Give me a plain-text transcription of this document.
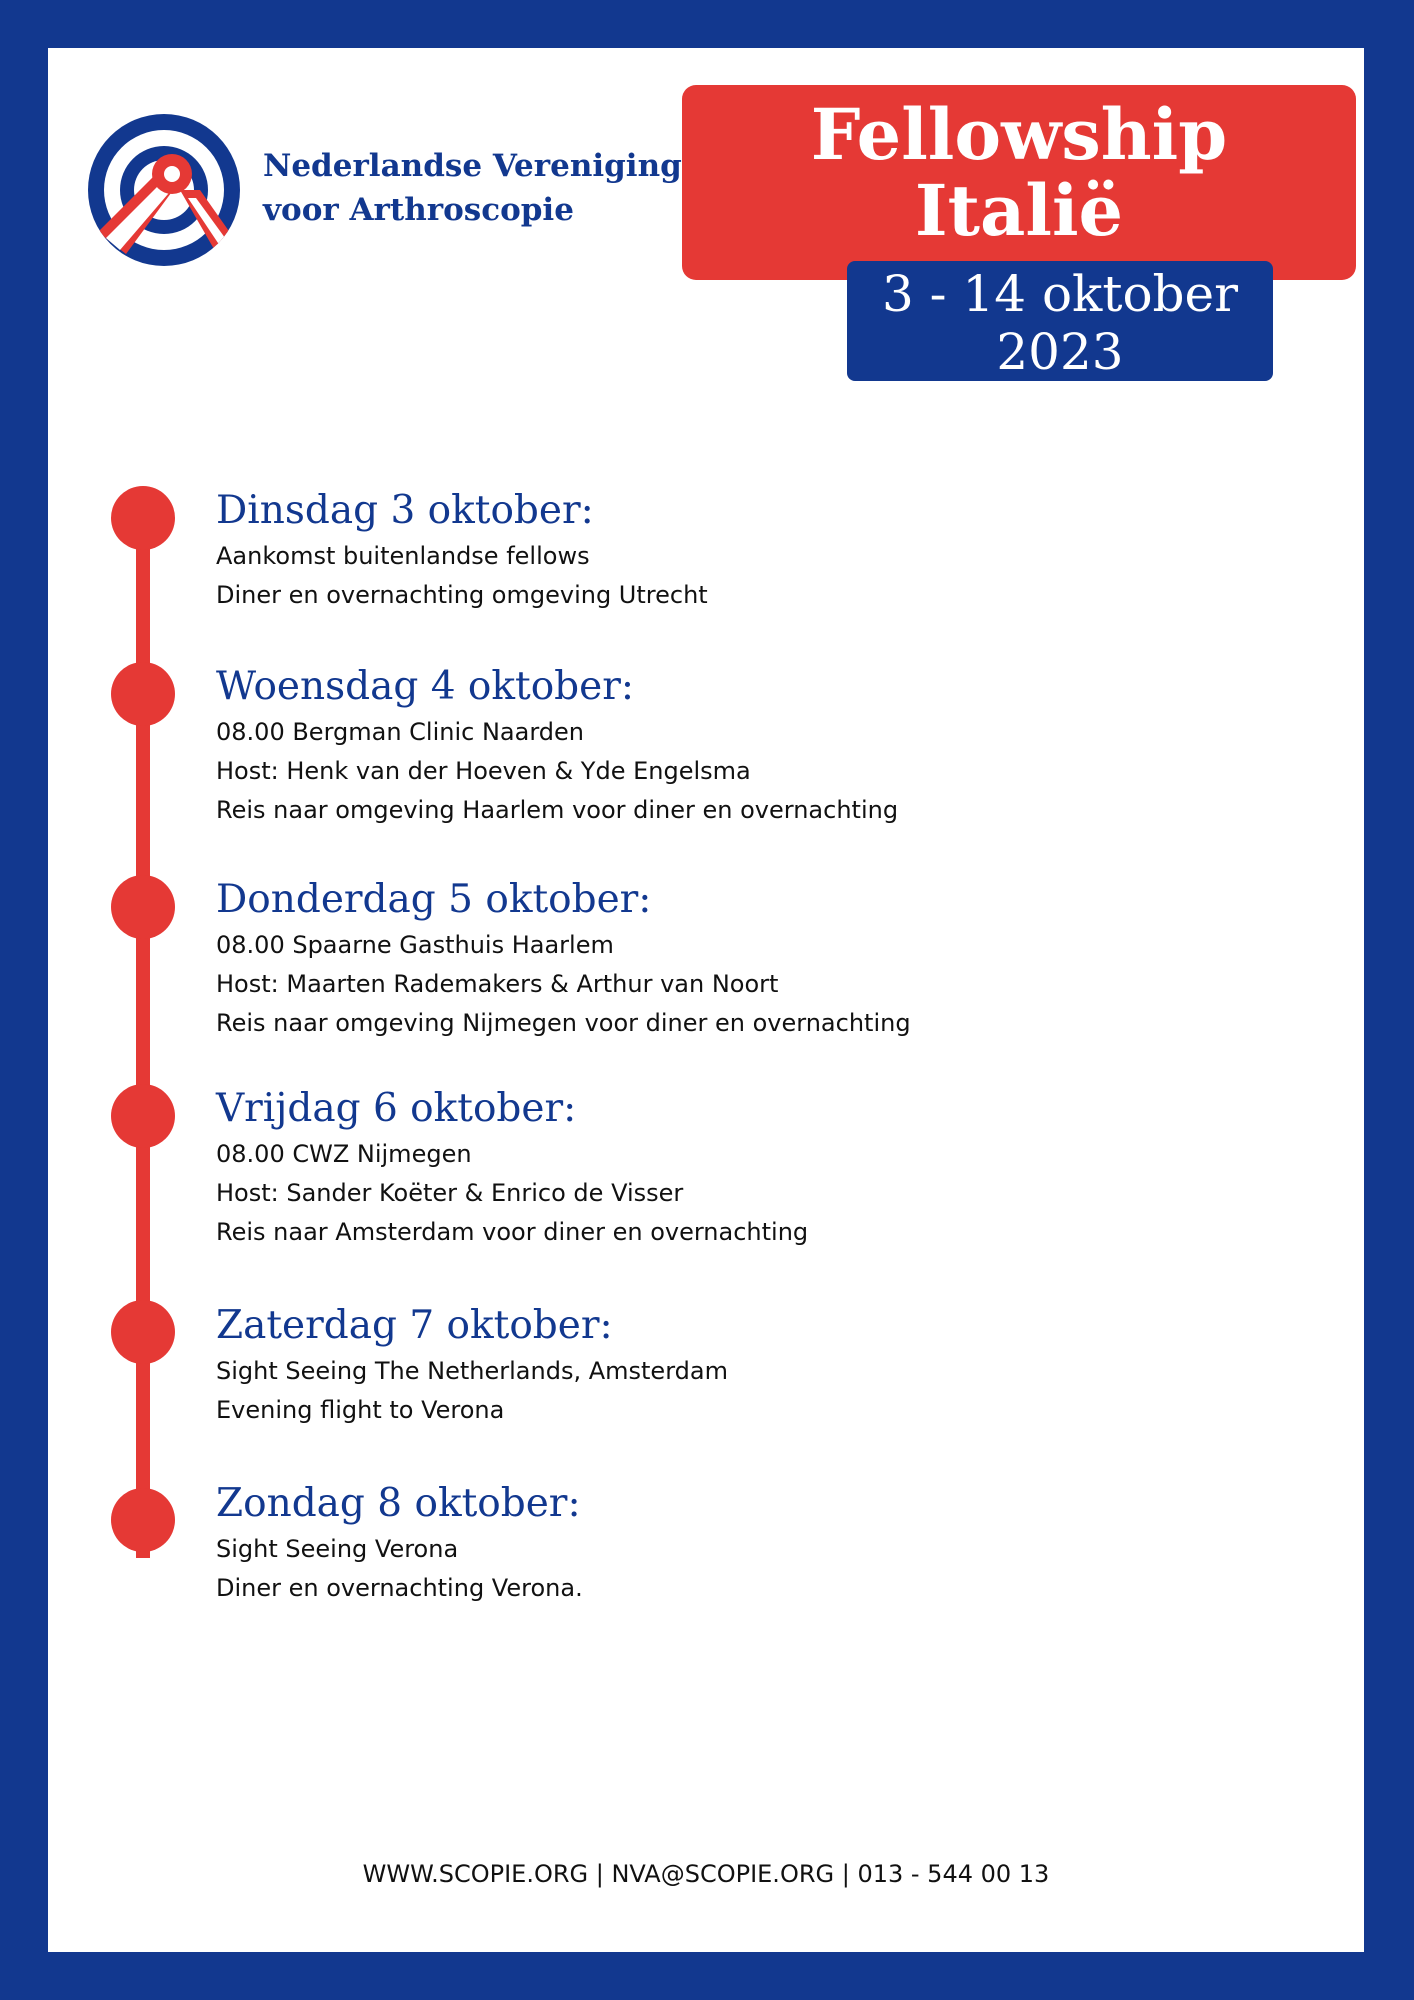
Nederlandse Vereniging
voor Arthroscopie
Fellowship
Italië
3 - 14 oktober
2023
Dinsdag 3 oktober:
Aankomst buitenlandse fellows
Diner en overnachting omgeving Utrecht
Woensdag 4 oktober:
08.00 Bergman Clinic Naarden
Host: Henk van der Hoeven & Yde Engelsma
Reis naar omgeving Haarlem voor diner en overnachting
Donderdag 5 oktober:
08.00 Spaarne Gasthuis Haarlem
Host: Maarten Rademakers & Arthur van Noort
Reis naar omgeving Nijmegen voor diner en overnachting
Vrijdag 6 oktober:
08.00 CWZ Nijmegen
Host: Sander Koëter & Enrico de Visser
Reis naar Amsterdam voor diner en overnachting
Zaterdag 7 oktober:
Sight Seeing The Netherlands, Amsterdam
Evening flight to Verona
Zondag 8 oktober:
Sight Seeing Verona
Diner en overnachting Verona.
WWW.SCOPIE.ORG | NVA@SCOPIE.ORG | 013 - 544 00 13
